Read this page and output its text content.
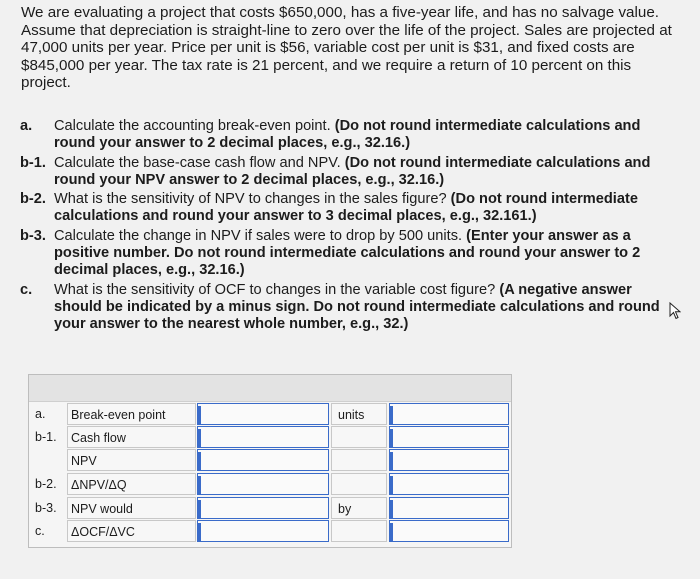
We are evaluating a project that costs $650,000, has a five-year life, and has no salvage value. Assume that depreciation is straight-line to zero over the life of the project. Sales are projected at 47,000 units per year. Price per unit is $56, variable cost per unit is $31, and fixed costs are $845,000 per year. The tax rate is 21 percent, and we require a return of 10 percent on this project.

a.	Calculate the accounting break-even point. (Do not round intermediate calculations and round your answer to 2 decimal places, e.g., 32.16.)
b-1. Calculate the base-case cash flow and NPV. (Do not round intermediate calculations and round your NPV answer to 2 decimal places, e.g., 32.16.)
b-2. What is the sensitivity of NPV to changes in the sales figure? (Do not round intermediate calculations and round your answer to 3 decimal places, e.g., 32.161.)
b-3. Calculate the change in NPV if sales were to drop by 500 units. (Enter your answer as a positive number. Do not round intermediate calculations and round your answer to 2 decimal places, e.g., 32.16.)
c.	What is the sensitivity of OCF to changes in the variable cost figure? (A negative answer should be indicated by a minus sign. Do not round intermediate calculations and round your answer to the nearest whole number, e.g., 32.)
a.	Break-even point	units
b-1.	Cash flow
NPV
b-2.	ΔNPV/ΔQ
b-3.	NPV would	by
c.	ΔOCF/ΔVC
